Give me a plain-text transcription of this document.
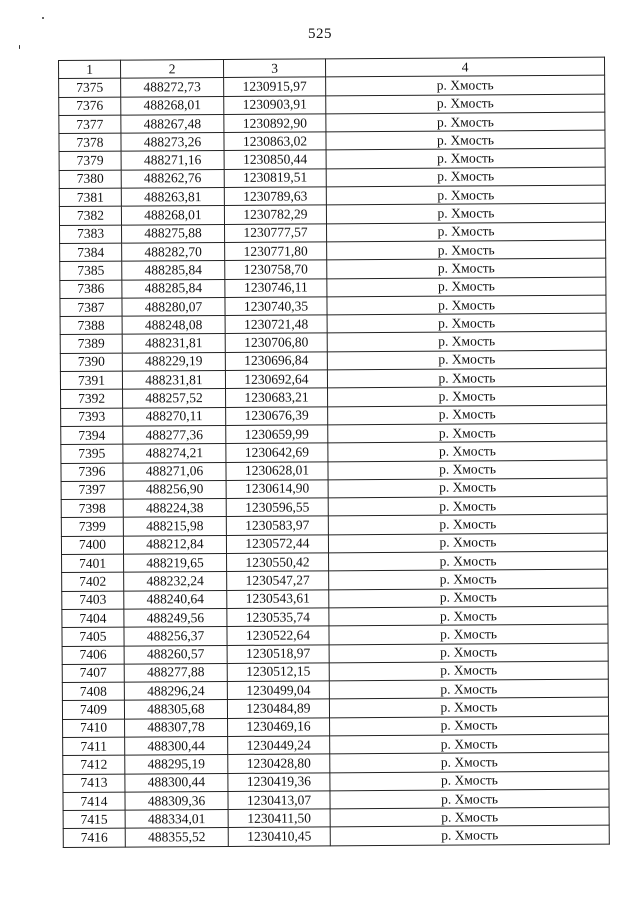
525
1	2	3	4
7375	488272,73	1230915,97	р. Хмость
7376	488268,01	1230903,91	р. Хмость
7377	488267,48	1230892,90	р. Хмость
7378	488273,26	1230863,02	р. Хмость
7379	488271,16	1230850,44	р. Хмость
7380	488262,76	1230819,51	р. Хмость
7381	488263,81	1230789,63	р. Хмость
7382	488268,01	1230782,29	р. Хмость
7383	488275,88	1230777,57	р. Хмость
7384	488282,70	1230771,80	р. Хмость
7385	488285,84	1230758,70	р. Хмость
7386	488285,84	1230746,11	р. Хмость
7387	488280,07	1230740,35	р. Хмость
7388	488248,08	1230721,48	р. Хмость
7389	488231,81	1230706,80	р. Хмость
7390	488229,19	1230696,84	р. Хмость
7391	488231,81	1230692,64	р. Хмость
7392	488257,52	1230683,21	р. Хмость
7393	488270,11	1230676,39	р. Хмость
7394	488277,36	1230659,99	р. Хмость
7395	488274,21	1230642,69	р. Хмость
7396	488271,06	1230628,01	р. Хмость
7397	488256,90	1230614,90	р. Хмость
7398	488224,38	1230596,55	р. Хмость
7399	488215,98	1230583,97	р. Хмость
7400	488212,84	1230572,44	р. Хмость
7401	488219,65	1230550,42	р. Хмость
7402	488232,24	1230547,27	р. Хмость
7403	488240,64	1230543,61	р. Хмость
7404	488249,56	1230535,74	р. Хмость
7405	488256,37	1230522,64	р. Хмость
7406	488260,57	1230518,97	р. Хмость
7407	488277,88	1230512,15	р. Хмость
7408	488296,24	1230499,04	р. Хмость
7409	488305,68	1230484,89	р. Хмость
7410	488307,78	1230469,16	р. Хмость
7411	488300,44	1230449,24	р. Хмость
7412	488295,19	1230428,80	р. Хмость
7413	488300,44	1230419,36	р. Хмость
7414	488309,36	1230413,07	р. Хмость
7415	488334,01	1230411,50	р. Хмость
7416	488355,52	1230410,45	р. Хмость
